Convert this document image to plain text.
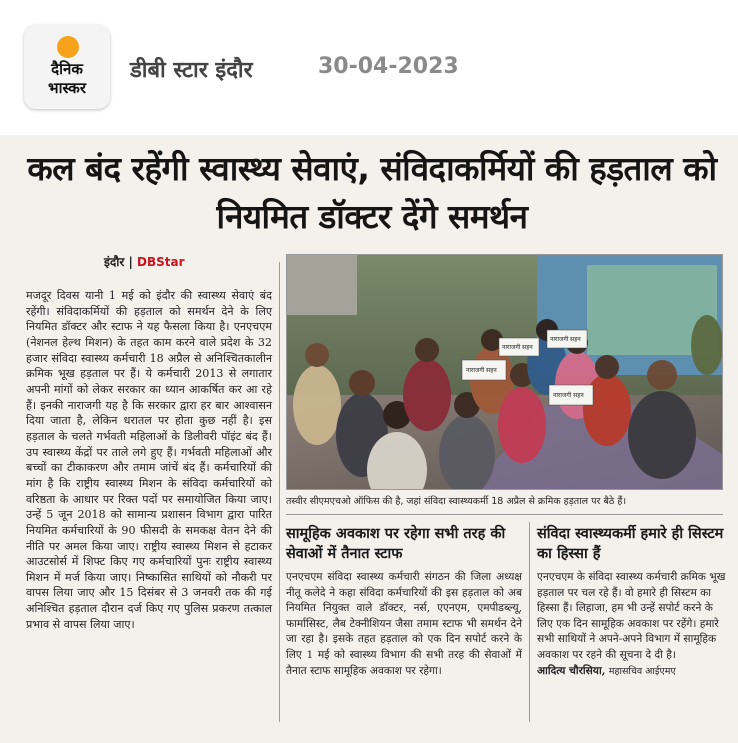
दैनिक
भास्कर
डीबी स्टार इंदौर	30-04-2023
कल बंद रहेंगी स्वास्थ्य सेवाएं, संविदाकर्मियों की हड़ताल को नियमित डॉक्टर देंगे समर्थन
इंदौर | DBStar

मजदूर दिवस यानी 1 मई को इंदौर की स्वास्थ्य सेवाएं बंद रहेंगी। संविदाकर्मियों की हड़ताल को समर्थन देने के लिए नियमित डॉक्टर और स्टाफ ने यह फैसला किया है। एनएचएम (नेशनल हेल्थ मिशन) के तहत काम करने वाले प्रदेश के 32 हजार संविदा स्वास्थ्य कर्मचारी 18 अप्रैल से अनिश्चितकालीन क्रमिक भूख हड़ताल पर हैं। ये कर्मचारी 2013 से लगातार अपनी मांगों को लेकर सरकार का ध्यान आकर्षित कर आ रहे हैं। इनकी नाराजगी यह है कि सरकार द्वारा हर बार आश्वासन दिया जाता है, लेकिन धरातल पर होता कुछ नहीं है। इस हड़ताल के चलते गर्भवती महिलाओं के डिलीवरी पॉइंट बंद हैं। उप स्वास्थ्य केंद्रों पर ताले लगे हुए हैं। गर्भवती महिलाओं और बच्चों का टीकाकरण और तमाम जांचें बंद हैं। कर्मचारियों की मांग है कि राष्ट्रीय स्वास्थ्य मिशन के संविदा कर्मचारियों को वरिष्ठता के आधार पर रिक्त पदों पर समायोजित किया जाए। उन्हें 5 जून 2018 को सामान्य प्रशासन विभाग द्वारा पारित नियमित कर्मचारियों के 90 फीसदी के समकक्ष वेतन देने की नीति पर अमल किया जाए। राष्ट्रीय स्वास्थ्य मिशन से हटाकर आउटसोर्स में शिफ्ट किए गए कर्मचारियों पुनः राष्ट्रीय स्वास्थ्य मिशन में मर्ज किया जाए। निष्कासित साथियों को नौकरी पर वापस लिया जाए और 15 दिसंबर से 3 जनवरी तक की गई अनिश्चित हड़ताल दौरान दर्ज किए गए पुलिस प्रकरण तत्काल प्रभाव से वापस लिया जाए।

नाराजगी सहन
नाराजगी सहन
नाराजगी सहन
नाराजगी सहन
तस्वीर सीएमएचओ ऑफिस की है, जहां संविदा स्वास्थ्यकर्मी 18 अप्रैल से क्रमिक हड़ताल पर बैठे हैं।
सामूहिक अवकाश पर रहेगा सभी तरह की सेवाओं में तैनात स्टाफ

एनएचएम संविदा स्वास्थ्य कर्मचारी संगठन की जिला अध्यक्ष नीतू कलेदे ने कहा संविदा कर्मचारियों की इस हड़ताल को अब नियमित नियुक्त वाले डॉक्टर, नर्स, एएनएम, एमपीडब्ल्यू, फार्मासिस्ट, लैब टेक्नीशियन जैसा तमाम स्टाफ भी समर्थन देने जा रहा है। इसके तहत हड़ताल को एक दिन सपोर्ट करने के लिए 1 मई को स्वास्थ्य विभाग की सभी तरह की सेवाओं में तैनात स्टाफ सामूहिक अवकाश पर रहेगा।

संविदा स्वास्थ्यकर्मी हमारे ही सिस्टम का हिस्सा हैं
एनएचएम के संविदा स्वास्थ्य कर्मचारी क्रमिक भूख हड़ताल पर चल रहे हैं। वो हमारे ही सिस्टम का हिस्सा हैं। लिहाजा, हम भी उन्हें सपोर्ट करने के लिए एक दिन सामूहिक अवकाश पर रहेंगे। हमारे सभी साथियों ने अपने-अपने विभाग में सामूहिक अवकाश पर रहने की सूचना दे दी है।
आदित्य चौरसिया, महासचिव आईएमए
